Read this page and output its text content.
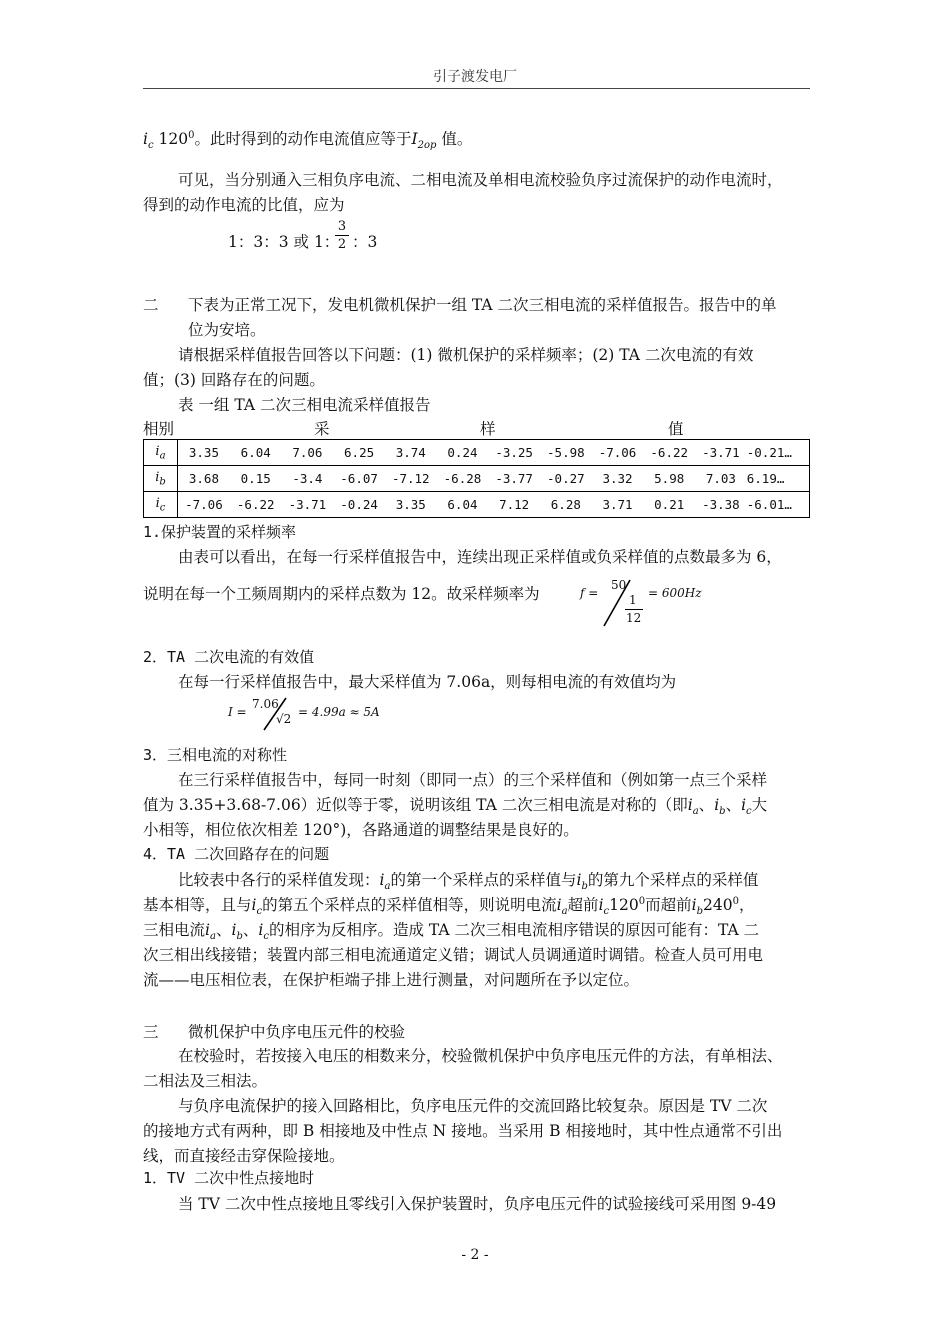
引子渡发电厂
$i_c$ $120^0$。此时得到的动作电流值应等于$I_{2op}$ 值。
可见，当分别通入三相负序电流、二相电流及单相电流校验负序过流保护的动作电流时，
得到的动作电流的比值，应为
1：3：3 或 1：
3
2 ：3
二 下表为正常工况下，发电机微机保护一组 TA 二次三相电流的采样值报告。报告中的单
位为安培。
请根据采样值报告回答以下问题：(1) 微机保护的采样频率；(2) TA 二次电流的有效
值；(3) 回路存在的问题。
表 一组 TA 二次三相电流采样值报告
相别	采	样	值
$i_a$	3.35	6.04	7.06	6.25	3.74	0.24	-3.25	-5.98	-7.06	-6.22	-3.71	-0.21…
$i_b$	3.68	0.15	-3.4	-6.07	-7.12	-6.28	-3.77	-0.27	3.32	5.98	7.03	6.19…
$i_c$	-7.06	-6.22	-3.71	-0.24	3.35	6.04	7.12	6.28	3.71	0.21	-3.38	-6.01…
1.保护装置的采样频率
由表可以看出，在每一行采样值报告中，连续出现正采样值或负采样值的点数最多为 6，
说明在每一个工频周期内的采样点数为 12。故采样频率为	f =
50
1
12
= 600Hz
2．TA 二次电流的有效值
在每一行采样值报告中，最大采样值为 7.06a，则每相电流的有效值均为
I =
7.06
√2 = 4.99a ≈ 5A
3．三相电流的对称性
在三行采样值报告中，每同一时刻（即同一点）的三个采样值和（例如第一点三个采样
值为 3.35+3.68-7.06）近似等于零，说明该组 TA 二次三相电流是对称的（即$i_a$、$i_b$、$i_c$大
小相等，相位依次相差 120°)，各路通道的调整结果是良好的。
4．TA 二次回路存在的问题
比较表中各行的采样值发现：$i_a$的第一个采样点的采样值与$i_b$的第九个采样点的采样值
基本相等，且与$i_c$的第五个采样点的采样值相等，则说明电流$i_a$超前$i_c120^0$而超前$i_b240^0$，
三相电流$i_a$、$i_b$、$i_c$的相序为反相序。造成 TA 二次三相电流相序错误的原因可能有：TA 二
次三相出线接错；装置内部三相电流通道定义错；调试人员调通道时调错。检查人员可用电
流——电压相位表，在保护柜端子排上进行测量，对问题所在予以定位。
三 微机保护中负序电压元件的校验
在校验时，若按接入电压的相数来分，校验微机保护中负序电压元件的方法，有单相法、
二相法及三相法。
与负序电流保护的接入回路相比，负序电压元件的交流回路比较复杂。原因是 TV 二次
的接地方式有两种，即 B 相接地及中性点 N 接地。当采用 B 相接地时，其中性点通常不引出
线，而直接经击穿保险接地。
1．TV 二次中性点接地时
当 TV 二次中性点接地且零线引入保护装置时，负序电压元件的试验接线可采用图 9-49
- 2 -
